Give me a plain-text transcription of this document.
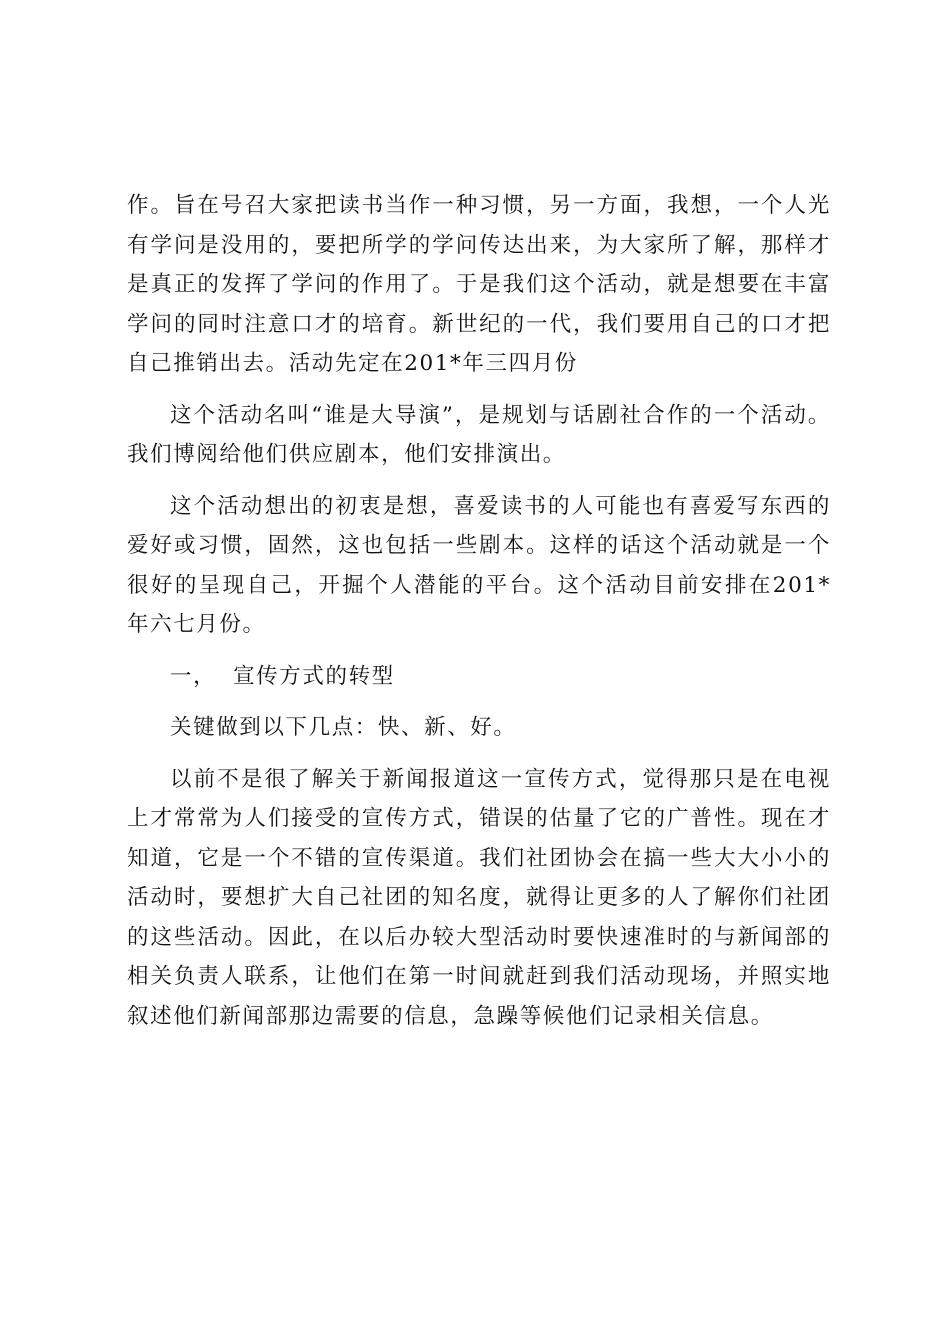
作。旨在号召大家把读书当作一种习惯，另一方面，我想，一个人光有学问是没用的，要把所学的学问传达出来，为大家所了解，那样才是真正的发挥了学问的作用了。于是我们这个活动，就是想要在丰富学问的同时注意口才的培育。新世纪的一代，我们要用自己的口才把自己推销出去。活动先定在201*年三四月份

这个活动名叫“谁是大导演”，是规划与话剧社合作的一个活动。我们博阅给他们供应剧本，他们安排演出。

这个活动想出的初衷是想，喜爱读书的人可能也有喜爱写东西的爱好或习惯，固然，这也包括一些剧本。这样的话这个活动就是一个很好的呈现自己，开掘个人潜能的平台。这个活动目前安排在201*年六七月份。

一，  宣传方式的转型

关键做到以下几点：快、新、好。

以前不是很了解关于新闻报道这一宣传方式，觉得那只是在电视上才常常为人们接受的宣传方式，错误的估量了它的广普性。现在才知道，它是一个不错的宣传渠道。我们社团协会在搞一些大大小小的活动时，要想扩大自己社团的知名度，就得让更多的人了解你们社团的这些活动。因此，在以后办较大型活动时要快速准时的与新闻部的相关负责人联系，让他们在第一时间就赶到我们活动现场，并照实地叙述他们新闻部那边需要的信息，急躁等候他们记录相关信息。
